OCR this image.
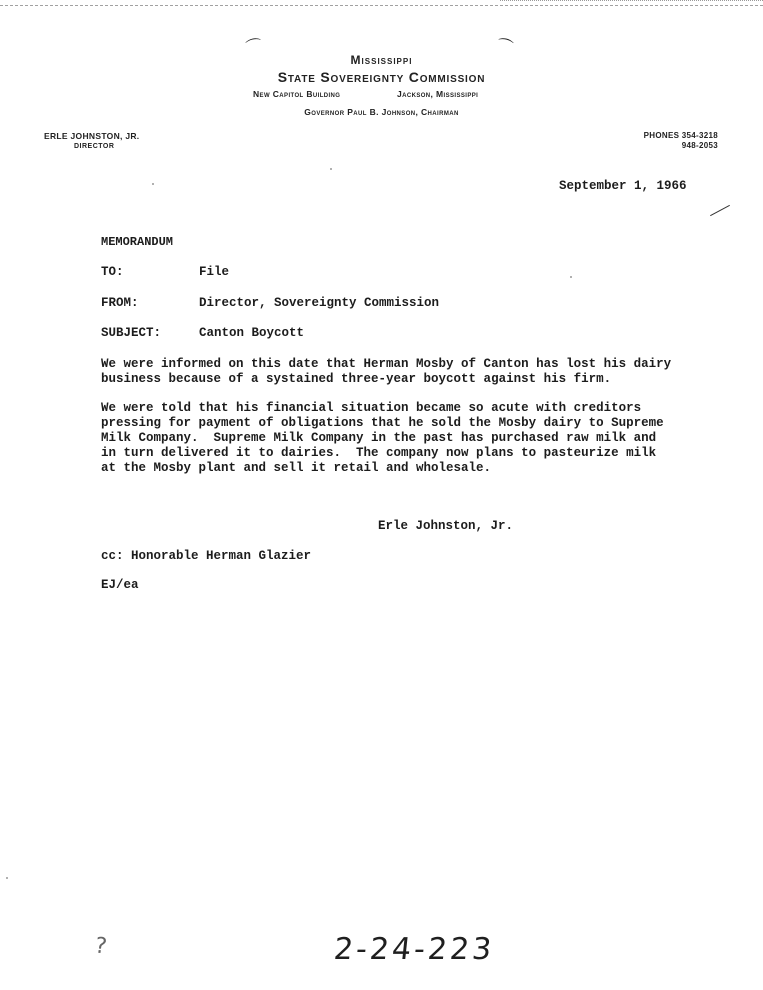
⌒	⌒
Mississippi
State Sovereignty Commission
New Capitol Building	Jackson, Mississippi
Governor Paul B. Johnson, Chairman
ERLE JOHNSTON, JR.
DIRECTOR
PHONES 354-3218
948-2053
September 1, 1966
MEMORANDUM
TO:	File
FROM:	Director, Sovereignty Commission
SUBJECT:	Canton Boycott
We were informed on this date that Herman Mosby of Canton has lost his dairy
business because of a systained three-year boycott against his firm.
We were told that his financial situation became so acute with creditors
pressing for payment of obligations that he sold the Mosby dairy to Supreme
Milk Company.  Supreme Milk Company in the past has purchased raw milk and
in turn delivered it to dairies.  The company now plans to pasteurize milk
at the Mosby plant and sell it retail and wholesale.
Erle Johnston, Jr.
cc: Honorable Herman Glazier
EJ/ea
2-24-223
?
